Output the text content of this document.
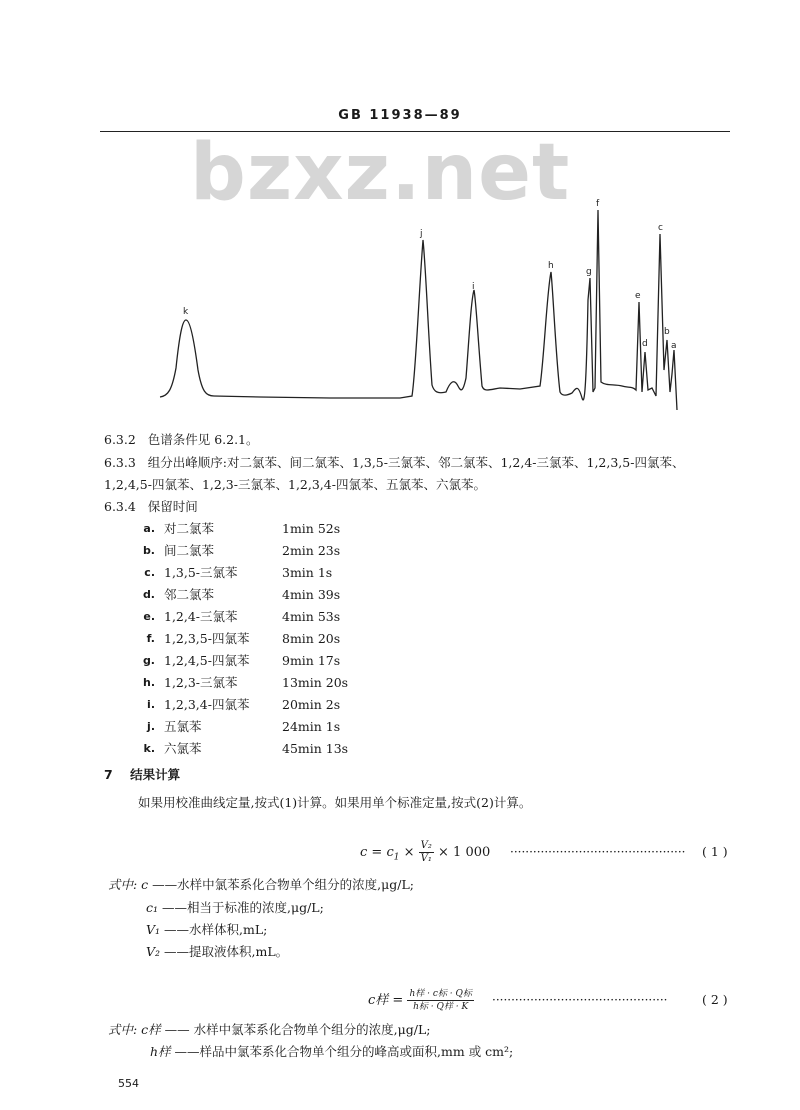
GB 11938—89
bzxz.net
k
j
i
h
g
f
e
d
c
b
a
6.3.2 色谱条件见 6.2.1。
6.3.3 组分出峰顺序:对二氯苯、间二氯苯、1,3,5-三氯苯、邻二氯苯、1,2,4-三氯苯、1,2,3,5-四氯苯、
1,2,4,5-四氯苯、1,2,3-三氯苯、1,2,3,4-四氯苯、五氯苯、六氯苯。
6.3.4 保留时间
a. 对二氯苯	1min 52s
b. 间二氯苯	2min 23s
c. 1,3,5-三氯苯	3min 1s
d. 邻二氯苯	4min 39s
e. 1,2,4-三氯苯	4min 53s
f. 1,2,3,5-四氯苯	8min 20s
g. 1,2,4,5-四氯苯	9min 17s
h. 1,2,3-三氯苯	13min 20s
i. 1,2,3,4-四氯苯	20min 2s
j. 五氯苯	24min 1s
k. 六氯苯	45min 13s
7 结果计算
如果用校准曲线定量,按式(1)计算。如果用单个标准定量,按式(2)计算。
$c = c_1 \times \frac{\text{V₂}}{\text{V₁}} \times 1$ 000 ·············································· ( 1 )
式中: c ——水样中氯苯系化合物单个组分的浓度,μg/L;
c₁ ——相当于标准的浓度,μg/L;
V₁ ——水样体积,mL;
V₂ ——提取液体积,mL。
c样 = $\frac{\text{h样 · c标 · Q标}}{\text{h标 · Q样 · K}}$ ··············································	( 2 )
式中: c样 —— 水样中氯苯系化合物单个组分的浓度,μg/L;
h样 ——样品中氯苯系化合物单个组分的峰高或面积,mm 或 cm²;
554
